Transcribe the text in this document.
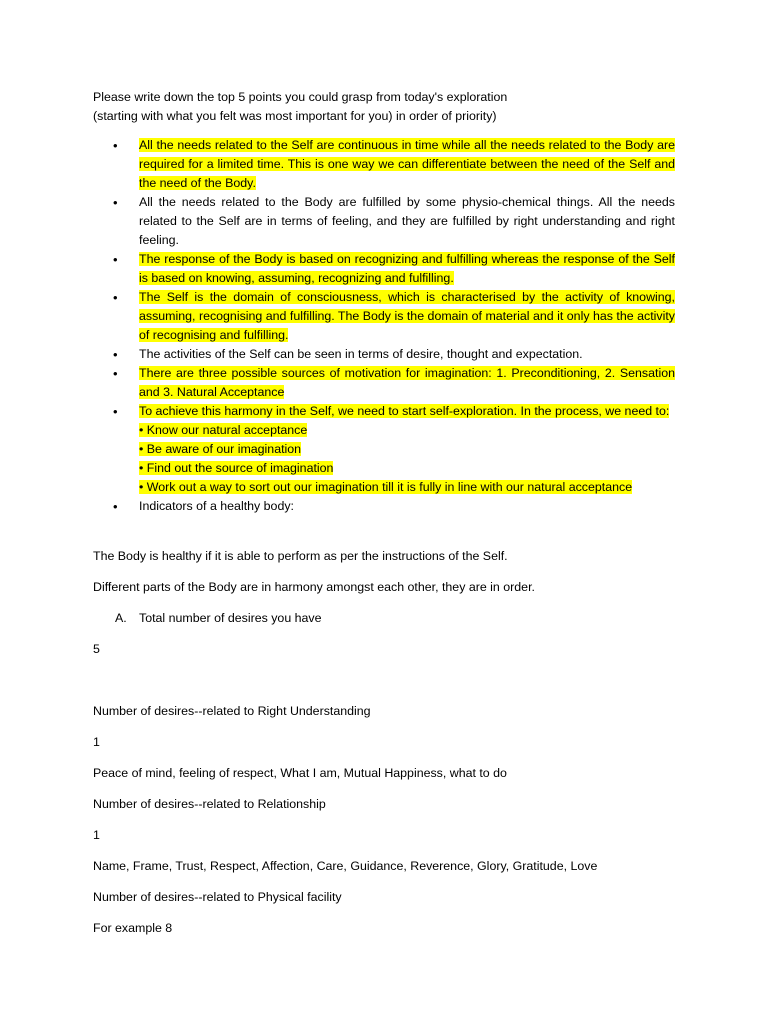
Please write down the top 5 points you could grasp from today's exploration

(starting with what you felt was most important for you) in order of priority)

• All the needs related to the Self are continuous in time while all the needs related to the Body are required for a limited time. This is one way we can differentiate between the need of the Self and the need of the Body.
• All the needs related to the Body are fulfilled by some physio-chemical things. All the needs related to the Self are in terms of feeling, and they are fulfilled by right understanding and right feeling.
• The response of the Body is based on recognizing and fulfilling whereas the response of the Self is based on knowing, assuming, recognizing and fulfilling.
• The Self is the domain of consciousness, which is characterised by the activity of knowing, assuming, recognising and fulfilling. The Body is the domain of material and it only has the activity of recognising and fulfilling.
• The activities of the Self can be seen in terms of desire, thought and expectation.
• There are three possible sources of motivation for imagination: 1. Preconditioning, 2. Sensation and 3. Natural Acceptance
• To achieve this harmony in the Self, we need to start self-exploration. In the process, we need to:
• Know our natural acceptance
• Be aware of our imagination
• Find out the source of imagination
• Work out a way to sort out our imagination till it is fully in line with our natural acceptance
• Indicators of a healthy body:
The Body is healthy if it is able to perform as per the instructions of the Self.
Different parts of the Body are in harmony amongst each other, they are in order.
A. Total number of desires you have
5
Number of desires--related to Right Understanding
1
Peace of mind, feeling of respect, What I am, Mutual Happiness, what to do
Number of desires--related to Relationship
1
Name, Frame, Trust, Respect, Affection, Care, Guidance, Reverence, Glory, Gratitude, Love
Number of desires--related to Physical facility
For example 8
